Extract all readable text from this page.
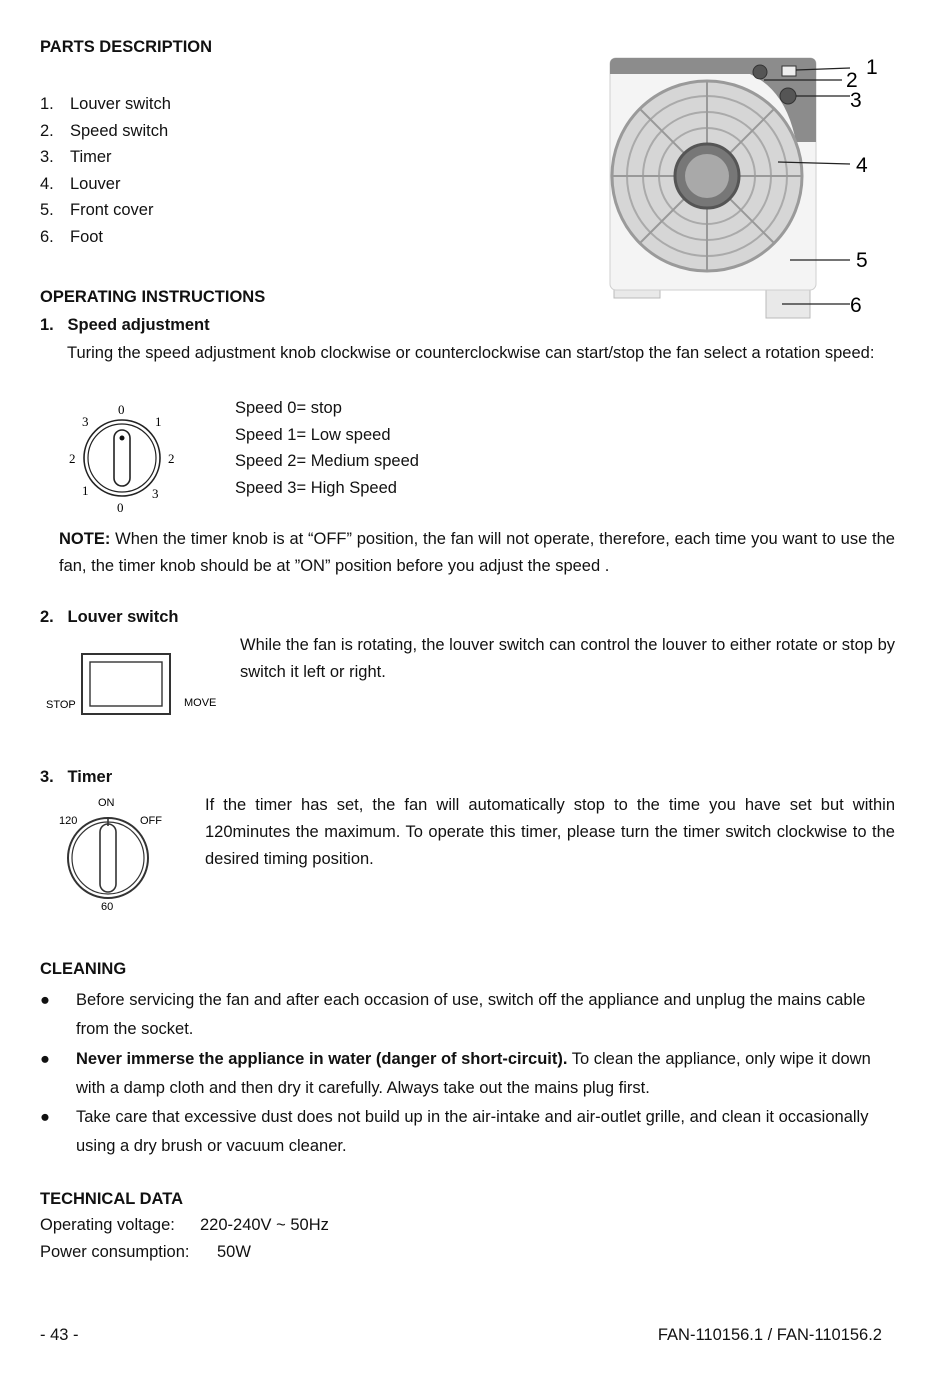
PARTS DESCRIPTION
1. Louver switch
2. Speed switch
3. Timer
4. Louver
5. Front cover
6. Foot
1
2
3
4
5
6
OPERATING INSTRUCTIONS
1.   Speed adjustment
Turing the speed adjustment knob clockwise or counterclockwise can start/stop the fan select a rotation speed:
0
1
2
3
0
3
2
1
Speed 0= stop
Speed 1= Low speed
Speed 2= Medium speed
Speed 3= High Speed
NOTE: When the timer knob is at “OFF” position, the fan will not operate, therefore, each time you want to use the fan, the timer knob should be at ”ON” position before you adjust the speed .
2.   Louver switch
STOP	MOVE
While the fan is rotating, the louver switch can control the louver to either rotate or stop by switch it left or right.
3.   Timer
ON
OFF
120
60
If the timer has set, the fan will automatically stop to the time you have set but within 120minutes the maximum. To operate this timer, please turn the timer switch clockwise to the desired timing position.
CLEANING
● Before servicing the fan and after each occasion of use, switch off the appliance and unplug the mains cable from the socket.
● Never immerse the appliance in water (danger of short-circuit). To clean the appliance, only wipe it down with a damp cloth and then dry it carefully. Always take out the mains plug first.
● Take care that excessive dust does not build up in the air-intake and air-outlet grille, and clean it occasionally using a dry brush or vacuum cleaner.
TECHNICAL DATA
Operating voltage: 220-240V ~ 50Hz
Power consumption: 50W
- 43 -	FAN-110156.1 / FAN-110156.2
